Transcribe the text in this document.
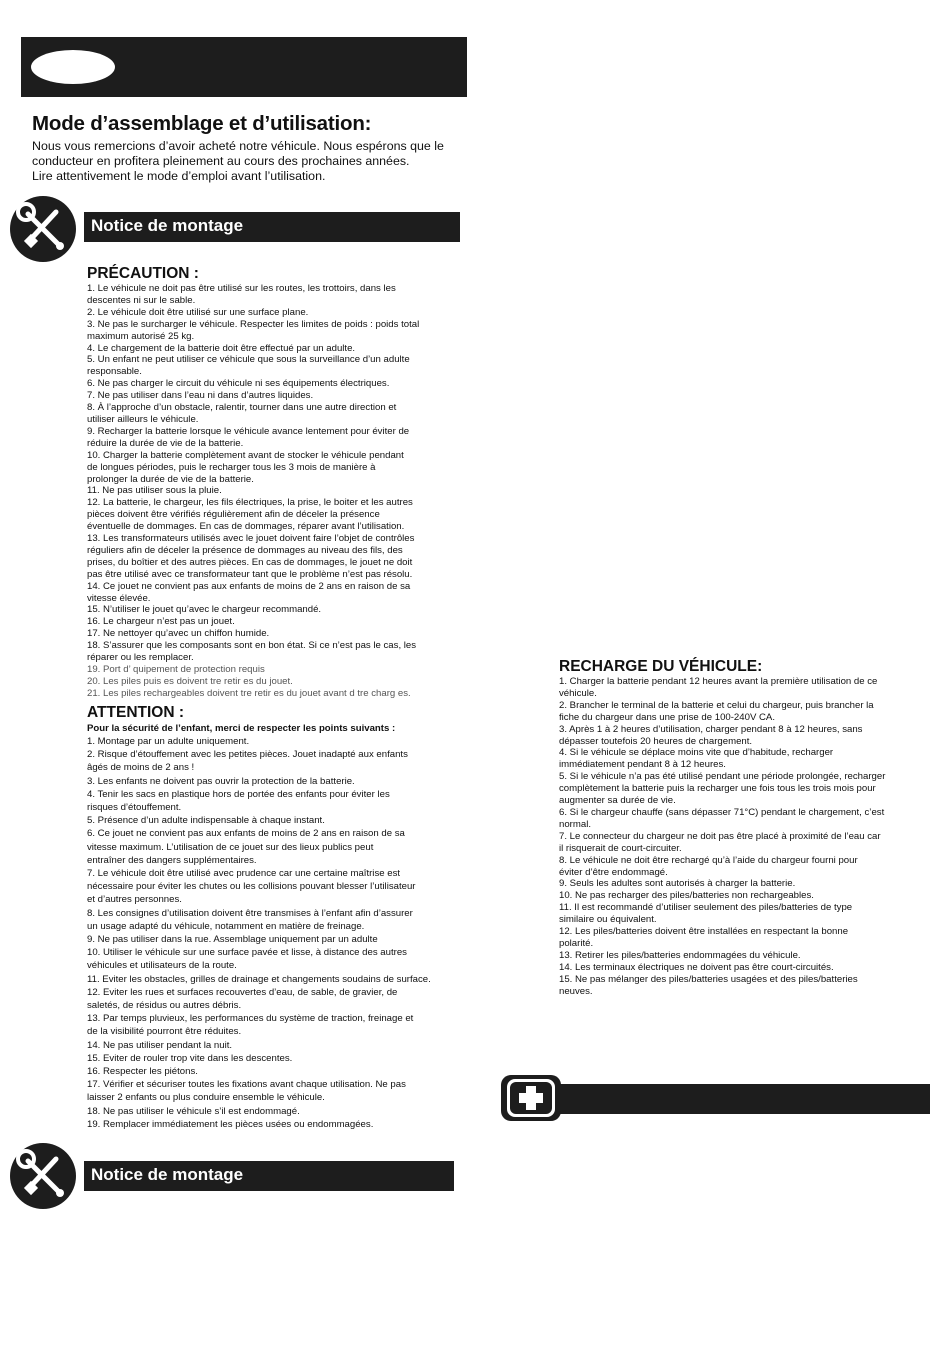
Mode d’assemblage et d’utilisation:
Nous vous remercions d’avoir acheté notre véhicule. Nous espérons que le
conducteur en profitera pleinement au cours des prochaines années.
Lire attentivement le mode d’emploi avant l’utilisation.
Notice de montage
PRÉCAUTION :
1. Le véhicule ne doit pas être utilisé sur les routes, les trottoirs, dans les
descentes ni sur le sable.
2. Le véhicule doit être utilisé sur une surface plane.
3. Ne pas le surcharger le véhicule. Respecter les limites de poids : poids total
maximum autorisé 25 kg.
4. Le chargement de la batterie doit être effectué par un adulte.
5. Un enfant ne peut utiliser ce véhicule que sous la surveillance d’un adulte
responsable.
6. Ne pas charger le circuit du véhicule ni ses équipements électriques.
7. Ne pas utiliser dans l’eau ni dans d’autres liquides.
8. À l’approche d’un obstacle, ralentir, tourner dans une autre direction et
utiliser ailleurs le véhicule.
9. Recharger la batterie lorsque le véhicule avance lentement pour éviter de
réduire la durée de vie de la batterie.
10. Charger la batterie complètement avant de stocker le véhicule pendant
de longues périodes, puis le recharger tous les 3 mois de manière à
prolonger la durée de vie de la batterie.
11. Ne pas utiliser sous la pluie.
12. La batterie, le chargeur, les fils électriques, la prise, le boiter et les autres
pièces doivent être vérifiés régulièrement afin de déceler la présence
éventuelle de dommages. En cas de dommages, réparer avant l’utilisation.
13. Les transformateurs utilisés avec le jouet doivent faire l’objet de contrôles
réguliers afin de déceler la présence de dommages au niveau des fils, des
prises, du boîtier et des autres pièces. En cas de dommages, le jouet ne doit
pas être utilisé avec ce transformateur tant que le problème n’est pas résolu.
14. Ce jouet ne convient pas aux enfants de moins de 2 ans en raison de sa
vitesse élevée.
15. N’utiliser le jouet qu’avec le chargeur recommandé.
16. Le chargeur n’est pas un jouet.
17. Ne nettoyer qu’avec un chiffon humide.
18. S’assurer que les composants sont en bon état. Si ce n’est pas le cas, les
réparer ou les remplacer.
19. Port d’ quipement de protection requis
20. Les piles puis es doivent tre retir es du jouet.
21. Les piles rechargeables doivent tre retir es du jouet avant d tre charg es.
ATTENTION :
Pour la sécurité de l’enfant, merci de respecter les points suivants :
1. Montage par un adulte uniquement.
2. Risque d’étouffement avec les petites pièces. Jouet inadapté aux enfants
âgés de moins de 2 ans !
3. Les enfants ne doivent pas ouvrir la protection de la batterie.
4. Tenir les sacs en plastique hors de portée des enfants pour éviter les
risques d’étouffement.
5. Présence d’un adulte indispensable à chaque instant.
6. Ce jouet ne convient pas aux enfants de moins de 2 ans en raison de sa
vitesse maximum. L’utilisation de ce jouet sur des lieux publics peut
entraîner des dangers supplémentaires.
7. Le véhicule doit être utilisé avec prudence car une certaine maîtrise est
nécessaire pour éviter les chutes ou les collisions pouvant blesser l’utilisateur
et d’autres personnes.
8. Les consignes d’utilisation doivent être transmises à l’enfant afin d’assurer
un usage adapté du véhicule, notamment en matière de freinage.
9. Ne pas utiliser dans la rue. Assemblage uniquement par un adulte
10. Utiliser le véhicule sur une surface pavée et lisse, à distance des autres
véhicules et utilisateurs de la route.
11. Eviter les obstacles, grilles de drainage et changements soudains de surface.
12. Eviter les rues et surfaces recouvertes d’eau, de sable, de gravier, de
saletés, de résidus ou autres débris.
13. Par temps pluvieux, les performances du système de traction, freinage et
de la visibilité pourront être réduites.
14. Ne pas utiliser pendant la nuit.
15. Eviter de rouler trop vite dans les descentes.
16. Respecter les piétons.
17. Vérifier et sécuriser toutes les fixations avant chaque utilisation. Ne pas
laisser 2 enfants ou plus conduire ensemble le véhicule.
18. Ne pas utiliser le véhicule s’il est endommagé.
19. Remplacer immédiatement les pièces usées ou endommagées.
Notice de montage
RECHARGE DU VÉHICULE:
1. Charger la batterie pendant 12 heures avant la première utilisation de ce
véhicule.
2. Brancher le terminal de la batterie et celui du chargeur, puis brancher la
fiche du chargeur dans une prise de 100-240V CA.
3. Après 1 à 2 heures d’utilisation, charger pendant 8 à 12 heures, sans
dépasser toutefois 20 heures de chargement.
4. Si le véhicule se déplace moins vite que d’habitude, recharger
immédiatement pendant 8 à 12 heures.
5. Si le véhicule n’a pas été utilisé pendant une période prolongée, recharger
complètement la batterie puis la recharger une fois tous les trois mois pour
augmenter sa durée de vie.
6. Si le chargeur chauffe (sans dépasser 71°C) pendant le chargement, c’est
normal.
7. Le connecteur du chargeur ne doit pas être placé à proximité de l’eau car
il risquerait de court-circuiter.
8. Le véhicule ne doit être rechargé qu’à l’aide du chargeur fourni pour
éviter d’être endommagé.
9. Seuls les adultes sont autorisés à charger la batterie.
10. Ne pas recharger des piles/batteries non rechargeables.
11. Il est recommandé d’utiliser seulement des piles/batteries de type
similaire ou équivalent.
12. Les piles/batteries doivent être installées en respectant la bonne
polarité.
13. Retirer les piles/batteries endommagées du véhicule.
14. Les terminaux électriques ne doivent pas être court-circuités.
15. Ne pas mélanger des piles/batteries usagées et des piles/batteries
neuves.
